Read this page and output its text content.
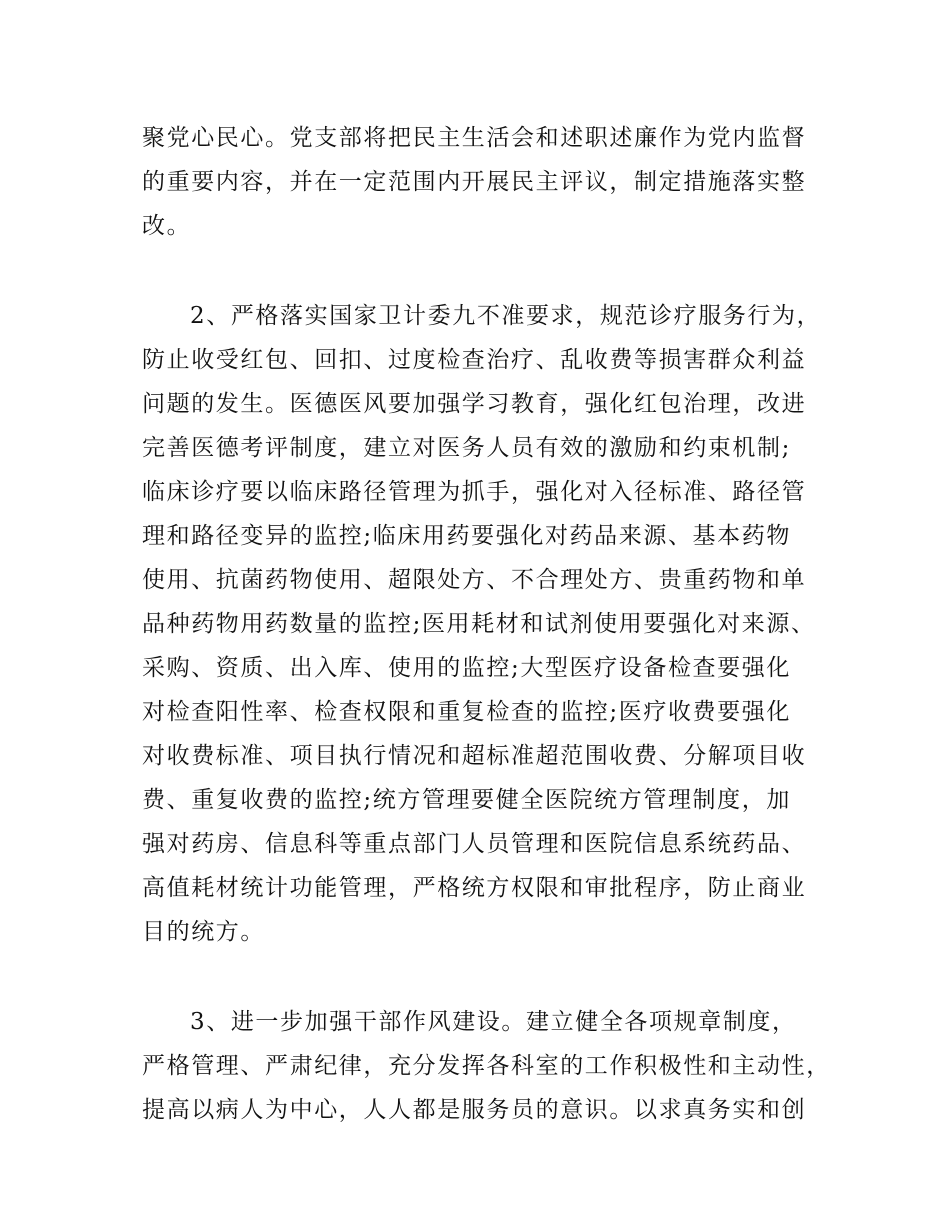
聚党心民心。党支部将把民主生活会和述职述廉作为党内监督
的重要内容，并在一定范围内开展民主评议，制定措施落实整
改。
2、严格落实国家卫计委九不准要求，规范诊疗服务行为，
防止收受红包、回扣、过度检查治疗、乱收费等损害群众利益
问题的发生。医德医风要加强学习教育，强化红包治理，改进
完善医德考评制度，建立对医务人员有效的激励和约束机制;
临床诊疗要以临床路径管理为抓手，强化对入径标准、路径管
理和路径变异的监控;临床用药要强化对药品来源、基本药物
使用、抗菌药物使用、超限处方、不合理处方、贵重药物和单
品种药物用药数量的监控;医用耗材和试剂使用要强化对来源、
采购、资质、出入库、使用的监控;大型医疗设备检查要强化
对检查阳性率、检查权限和重复检查的监控;医疗收费要强化
对收费标准、项目执行情况和超标准超范围收费、分解项目收
费、重复收费的监控;统方管理要健全医院统方管理制度，加
强对药房、信息科等重点部门人员管理和医院信息系统药品、
高值耗材统计功能管理，严格统方权限和审批程序，防止商业
目的统方。
3、进一步加强干部作风建设。建立健全各项规章制度，
严格管理、严肃纪律，充分发挥各科室的工作积极性和主动性，
提高以病人为中心，人人都是服务员的意识。以求真务实和创
